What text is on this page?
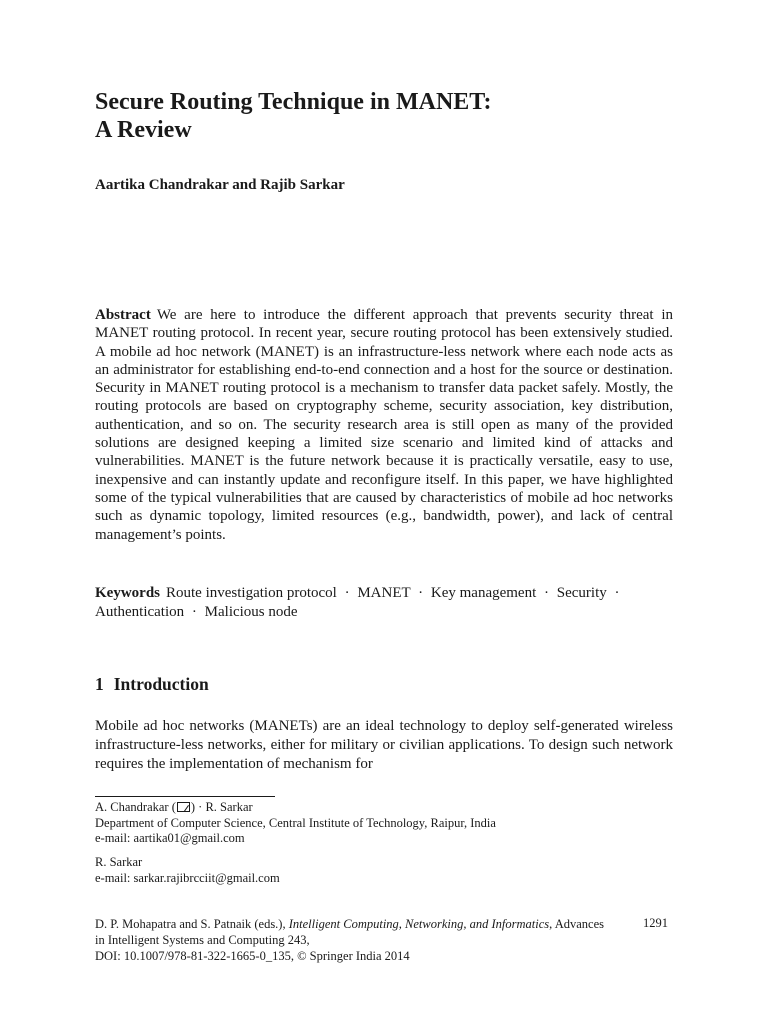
Secure Routing Technique in MANET:
A Review

Aartika Chandrakar and Rajib Sarkar

Abstract We are here to introduce the different approach that prevents security threat in MANET routing protocol. In recent year, secure routing protocol has been extensively studied. A mobile ad hoc network (MANET) is an infrastructure-less network where each node acts as an administrator for establishing end-to-end connection and a host for the source or destination. Security in MANET routing protocol is a mechanism to transfer data packet safely. Mostly, the routing protocols are based on cryptography scheme, security association, key distribution, authentication, and so on. The security research area is still open as many of the provided solutions are designed keeping a limited size scenario and limited kind of attacks and vulnerabilities. MANET is the future network because it is practically versatile, easy to use, inexpensive and can instantly update and reconfigure itself. In this paper, we have highlighted some of the typical vulnerabilities that are caused by characteristics of mobile ad hoc networks such as dynamic topology, limited resources (e.g., bandwidth, power), and lack of central management’s points.

Keywords Route investigation protocol · MANET · Key management · Security · Authentication · Malicious node

1 Introduction

Mobile ad hoc networks (MANETs) are an ideal technology to deploy self-generated wireless infrastructure-less networks, either for military or civilian applications. To design such network requires the implementation of mechanism for

A. Chandrakar ( ) · R. Sarkar
Department of Computer Science, Central Institute of Technology, Raipur, India
e-mail: aartika01@gmail.com

R. Sarkar
e-mail: sarkar.rajibrcciit@gmail.com

D. P. Mohapatra and S. Patnaik (eds.), Intelligent Computing, Networking, and Informatics, Advances in Intelligent Systems and Computing 243,
DOI: 10.1007/978-81-322-1665-0_135, © Springer India 2014

1291
